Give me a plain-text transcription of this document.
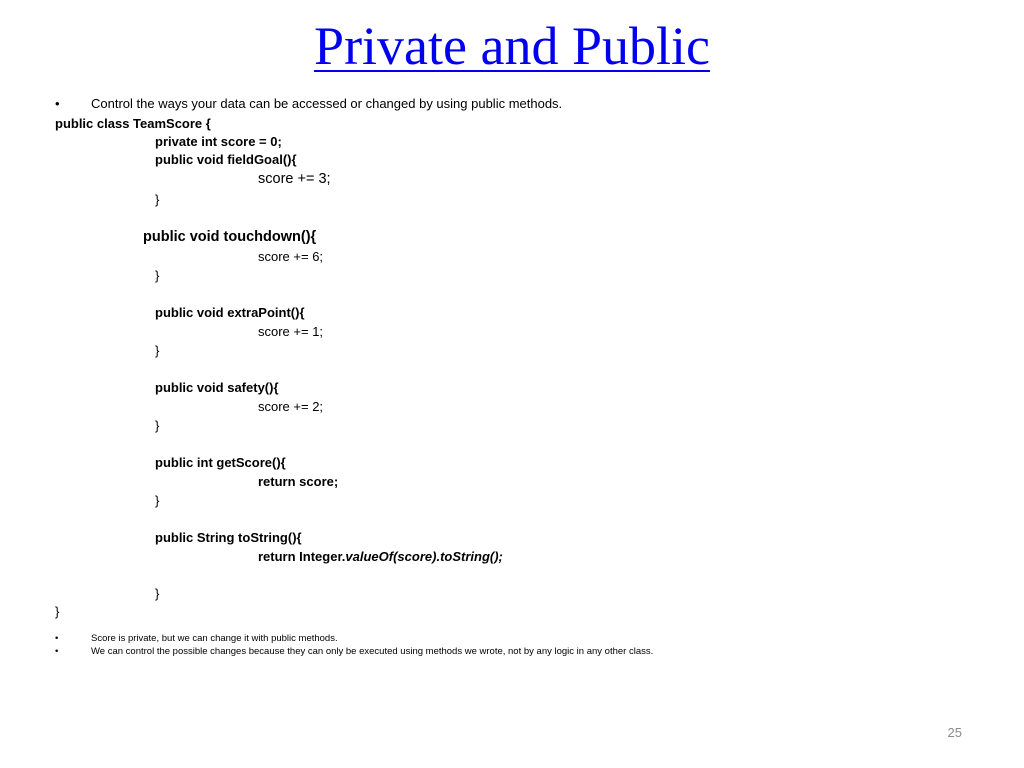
Private and Public
• Control the ways your data can be accessed or changed by using public methods.
public class TeamScore {
private int score = 0;
public void fieldGoal(){
score += 3;
}
public void touchdown(){
score += 6;
}
public void extraPoint(){
score += 1;
}
public void safety(){
score += 2;
}
public int getScore(){
return score;
}
public String toString(){
return Integer.valueOf(score).toString();
}
}
•	Score is private, but we can change it with public methods.
•	We can control the possible changes because they can only be executed using methods we wrote, not by any logic in any other class.
25
